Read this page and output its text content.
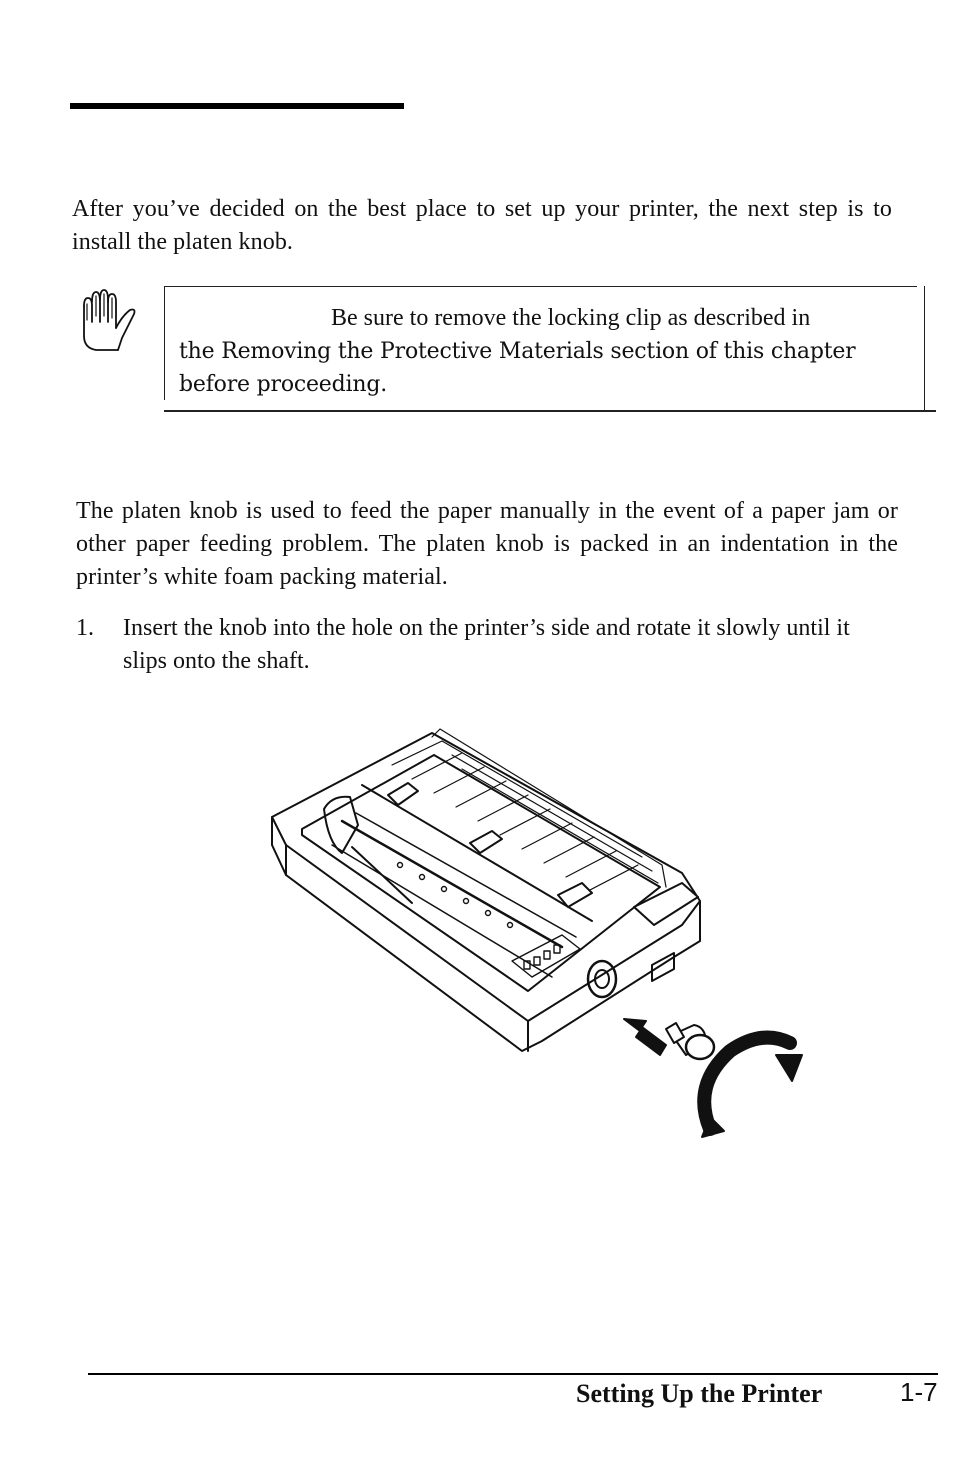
After you’ve decided on the best place to set up your printer, the next step is to install the platen knob.
Be sure to remove the locking clip as described in
the Removing the Protective Materials section of this chapter before proceeding.
The platen knob is used to feed the paper manually in the event of a paper jam or other paper feeding problem. The platen knob is packed in an indentation in the printer’s white foam packing material.
1. Insert the knob into the hole on the printer’s side and rotate it slowly until it slips onto the shaft.
Setting Up the Printer	1-7
